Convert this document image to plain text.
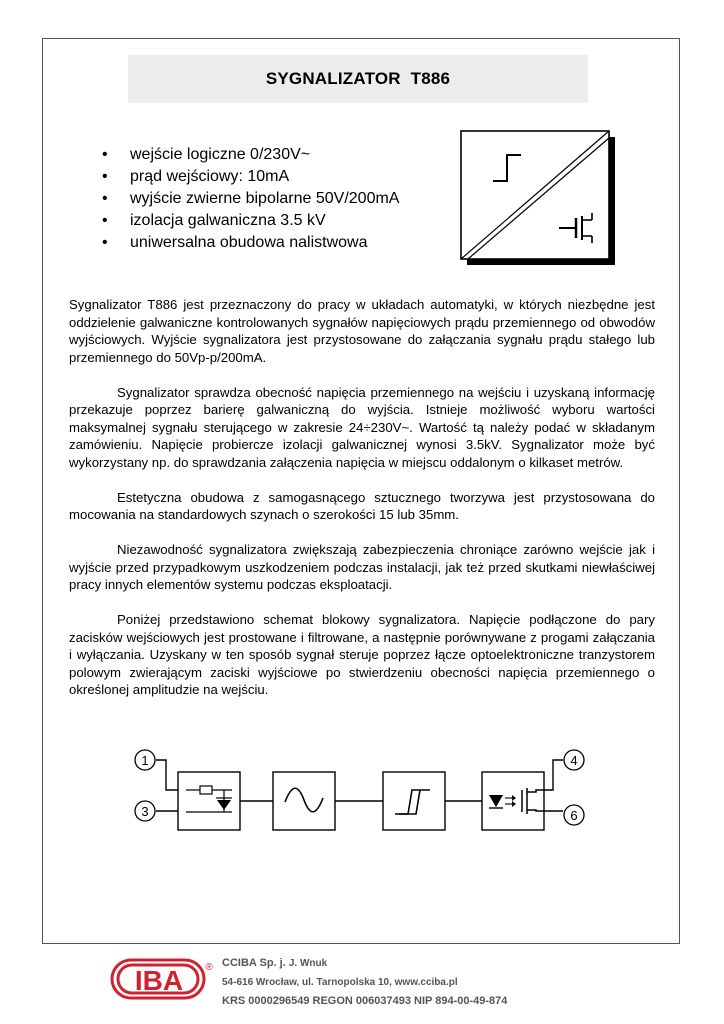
SYGNALIZATOR  T886
• wejście logiczne 0/230V~
• prąd wejściowy: 10mA
• wyjście zwierne bipolarne 50V/200mA
• izolacja galwaniczna 3.5 kV
• uniwersalna obudowa nalistwowa

Sygnalizator T886 jest przeznaczony do pracy w układach automatyki, w których niezbędne jest oddzielenie galwaniczne kontrolowanych sygnałów napięciowych prądu przemiennego od obwodów wyjściowych. Wyjście sygnalizatora jest przystosowane do załączania sygnału prądu stałego lub przemiennego do 50Vp-p/200mA.

Sygnalizator sprawdza obecność napięcia przemiennego na wejściu i uzyskaną informację przekazuje poprzez barierę galwaniczną do wyjścia. Istnieje możliwość wyboru wartości maksymalnej sygnału sterującego w zakresie 24÷230V~. Wartość tą należy podać w składanym zamówieniu. Napięcie probiercze izolacji galwanicznej wynosi 3.5kV. Sygnalizator może być wykorzystany np. do sprawdzania załączenia napięcia w miejscu oddalonym o kilkaset metrów.

Estetyczna obudowa z samogasnącego sztucznego tworzywa jest przystosowana do mocowania na standardowych szynach o szerokości 15 lub 35mm.

Niezawodność sygnalizatora zwiększają zabezpieczenia chroniące zarówno wejście jak i wyjście przed przypadkowym uszkodzeniem podczas instalacji, jak też przed skutkami niewłaściwej pracy innych elementów systemu podczas eksploatacji.

Poniżej przedstawiono schemat blokowy sygnalizatora. Napięcie podłączone do pary zacisków wejściowych jest prostowane i filtrowane, a następnie porównywane z progami załączania i wyłączania. Uzyskany w ten sposób sygnał steruje poprzez łącze optoelektroniczne tranzystorem polowym zwierającym zaciski wyjściowe po stwierdzeniu obecności napięcia przemiennego o określonej amplitudzie na wejściu.

1
3
4
6
IBA ® CCIBA Sp. j. J. Wnuk
54-616 Wrocław, ul. Tarnopolska 10, www.cciba.pl
KRS 0000296549 REGON 006037493 NIP 894-00-49-874
